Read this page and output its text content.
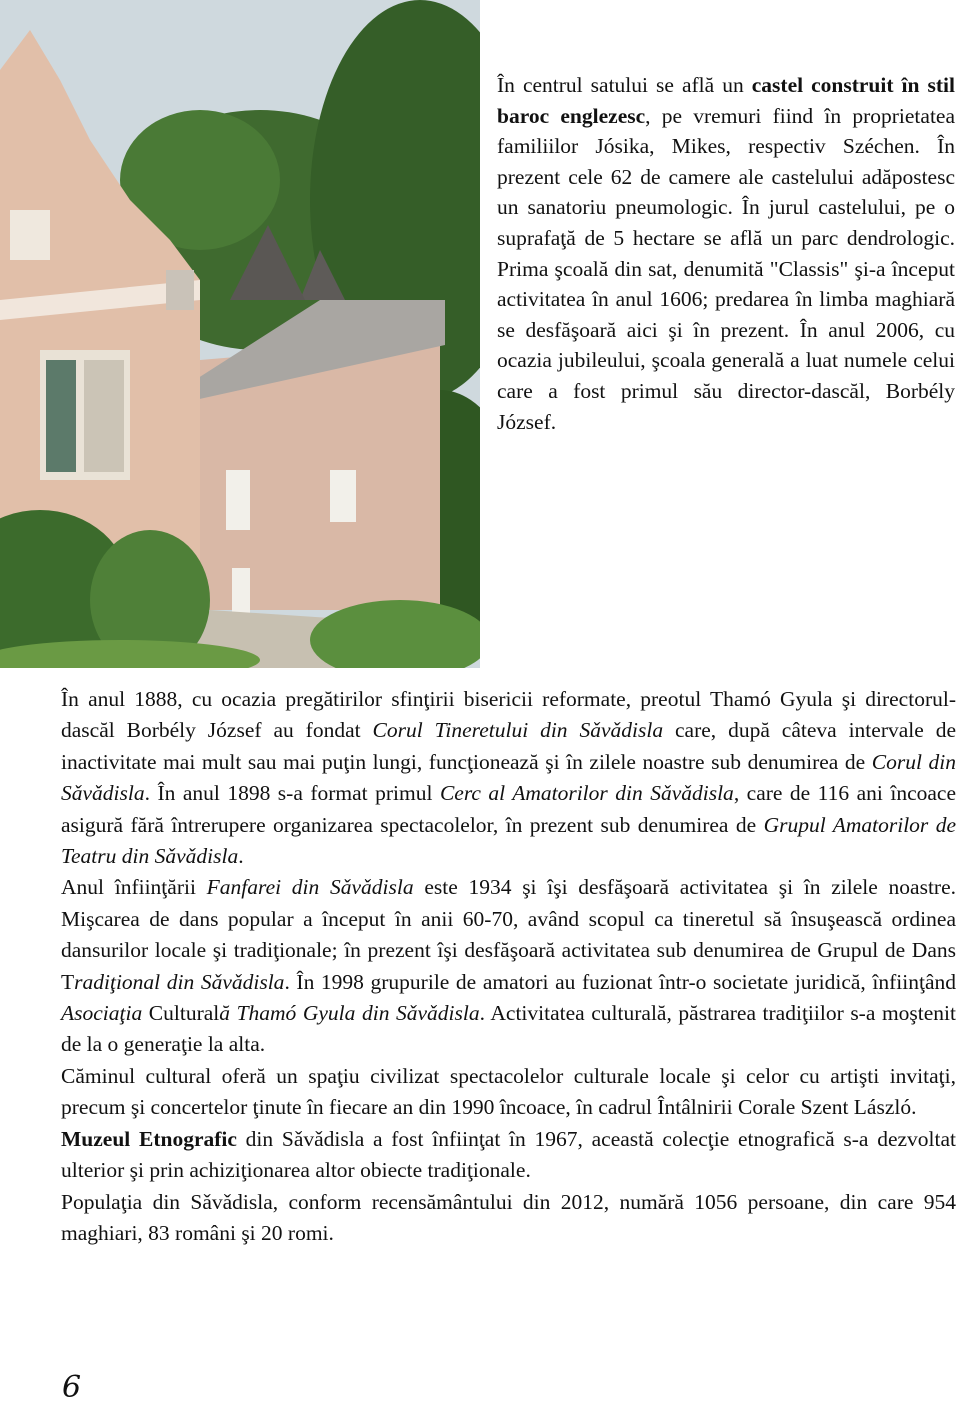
În centrul satului se află un castel construit în stil baroc englezesc, pe vremuri fiind în proprietatea familiilor Jósika, Mikes, respectiv Széchen. În prezent cele 62 de camere ale castelului adăpostesc un sanatoriu pneumologic. În jurul castelului, pe o suprafaţă de 5 hectare se află un parc dendrologic. Prima şcoală din sat, denumită "Classis" şi-a început activitatea în anul 1606; predarea în limba maghiară se desfăşoară aici şi în prezent. În anul 2006, cu ocazia jubileului, şcoala generală a luat numele celui care a fost primul său director-dascăl, Borbély József.

În anul 1888, cu ocazia pregătirilor sfinţirii bisericii reformate, preotul Thamó Gyula şi directorul-dascăl Borbély József au fondat Corul Tineretului din Sǎvǎdisla care, după câteva intervale de inactivitate mai mult sau mai puţin lungi, funcţionează şi în zilele noastre sub denumirea de Corul din Sǎvǎdisla. În anul 1898 s-a format primul Cerc al Amatorilor din Sǎvǎdisla, care de 116 ani încoace asigură fără întrerupere organizarea spectacolelor, în prezent sub denumirea de Grupul Amatorilor de Teatru din Sǎvǎdisla.

Anul înfiinţării Fanfarei din Sǎvǎdisla este 1934 şi îşi desfăşoară activitatea şi în zilele noastre. Mişcarea de dans popular a început în anii 60-70, având scopul ca tineretul să însuşească ordinea dansurilor locale şi tradiţionale; în prezent îşi desfăşoară activitatea sub denumirea de Grupul de Dans Tradiţional din Sǎvǎdisla. În 1998 grupurile de amatori au fuzionat într-o societate juridică, înfiinţând Asociaţia Culturală Thamó Gyula din Sǎvǎdisla. Activitatea culturală, păstrarea tradiţiilor s-a moştenit de la o generaţie la alta.

Căminul cultural oferă un spaţiu civilizat spectacolelor culturale locale şi celor cu artişti invitaţi, precum şi concertelor ţinute în fiecare an din 1990 încoace, în cadrul Întâlnirii Corale Szent László.

Muzeul Etnografic din Sǎvǎdisla a fost înfiinţat în 1967, această colecţie etnografică s-a dezvoltat ulterior şi prin achiziţionarea altor obiecte tradiţionale.

Populaţia din Sǎvǎdisla, conform recensământului din 2012, numără 1056 persoane, din care 954 maghiari, 83 români şi 20 romi.

6
